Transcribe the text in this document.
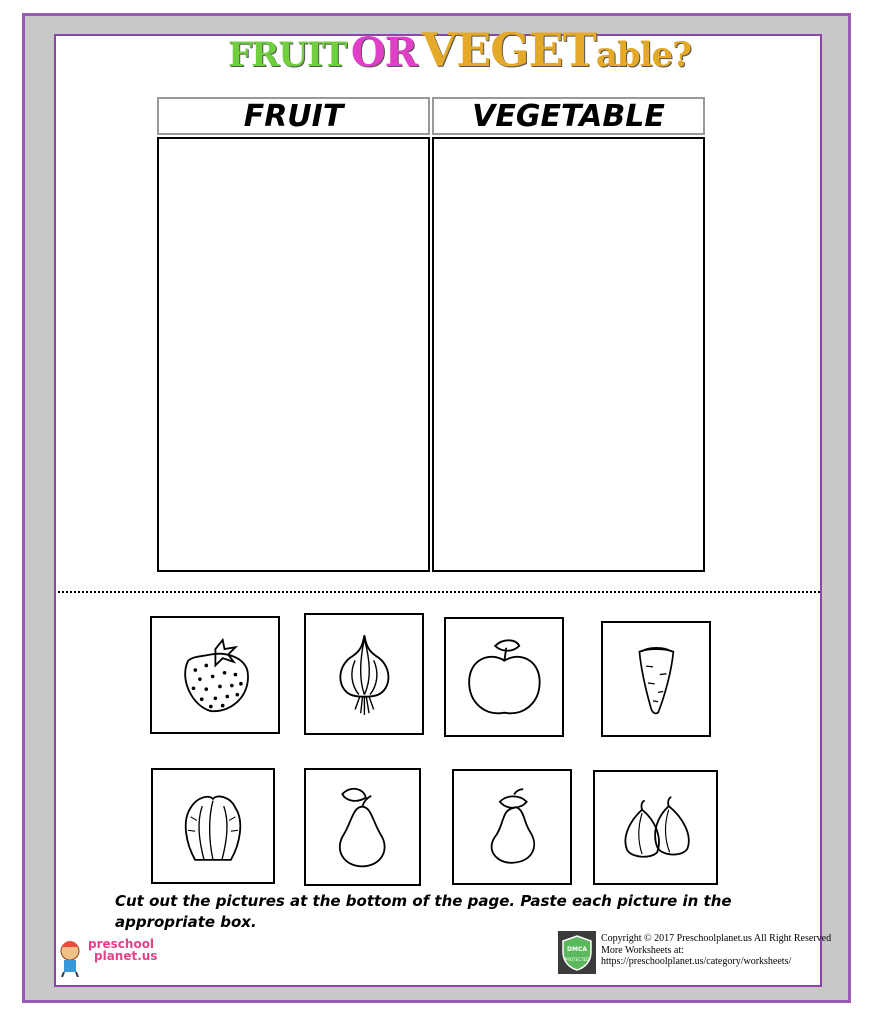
FRUIT OR VEGETable?
FRUIT	VEGETABLE
Cut out the pictures at the bottom of the page. Paste each picture in the appropriate box.
preschool
planet.us	DMCA
PROTECTED
Copyright © 2017 Preschoolplanet.us All Right Reserved
More Worksheets at:
https://preschoolplanet.us/category/worksheets/
